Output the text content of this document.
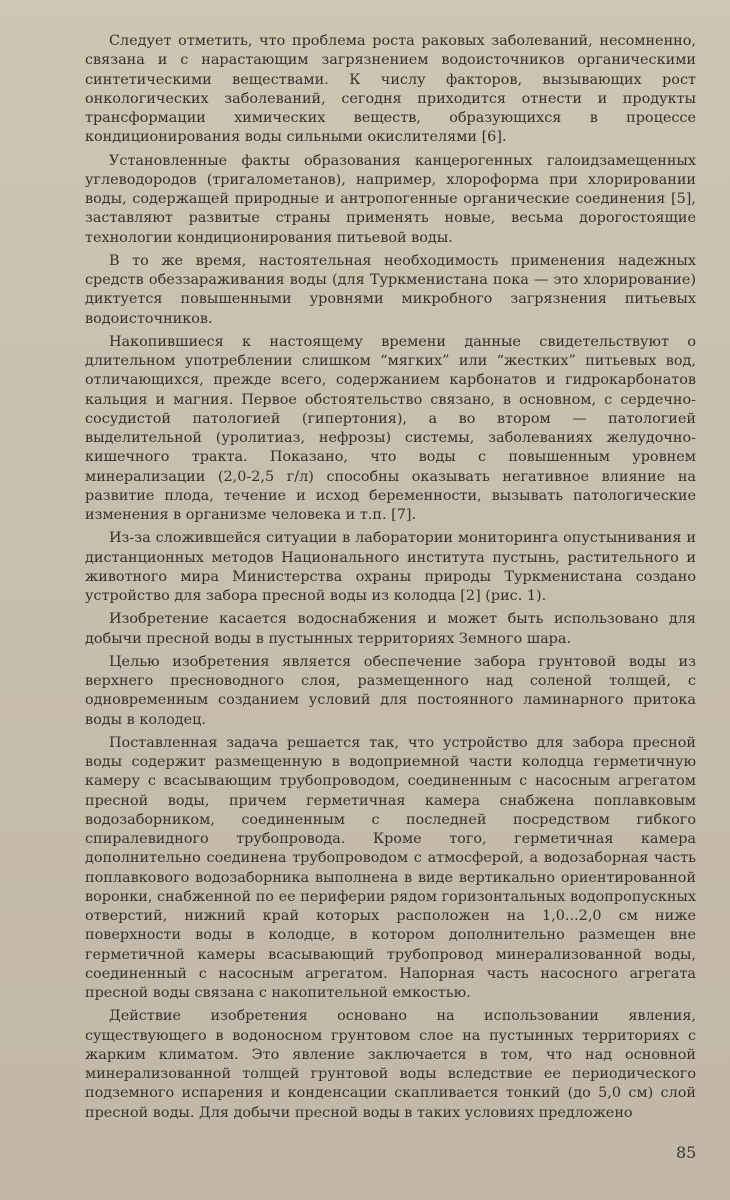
Следует отметить, что проблема роста раковых заболеваний, несомненно, связана и с нарастающим загрязнением водоисточников органическими синтетическими веществами. К числу факторов, вызывающих рост онкологических заболеваний, сегодня приходится отнести и продукты трансформации химических веществ, образующихся в процессе кондиционирования воды сильными окислителями [6].

Установленные факты образования канцерогенных галоидзамещенных углеводородов (тригалометанов), например, хлороформа при хлорировании воды, содержащей природные и антропогенные органические соединения [5], заставляют развитые страны применять новые, весьма дорогостоящие технологии кондиционирования питьевой воды.

В то же время, настоятельная необходимость применения надежных средств обеззараживания воды (для Туркменистана пока — это хлорирование) диктуется повышенными уровнями микробного загрязнения питьевых водоисточников.

Накопившиеся к настоящему времени данные свидетельствуют о длительном употреблении слишком “мягких” или “жестких” питьевых вод, отличающихся, прежде всего, содержанием карбонатов и гидрокарбонатов кальция и магния. Первое обстоятельство связано, в основном, с сердечно-сосудистой патологией (гипертония), а во втором — патологией выделительной (уролитиаз, нефрозы) системы, заболеваниях желудочно-кишечного тракта. Показано, что воды с повышенным уровнем минерализации (2,0-2,5 г/л) способны оказывать негативное влияние на развитие плода, течение и исход беременности, вызывать патологические изменения в организме человека и т.п. [7].

Из-за сложившейся ситуации в лаборатории мониторинга опустынивания и дистанционных методов Национального института пустынь, растительного и животного мира Министерства охраны природы Туркменистана создано устройство для забора пресной воды из колодца [2] (рис. 1).

Изобретение касается водоснабжения и может быть использовано для добычи пресной воды в пустынных территориях Земного шара.

Целью изобретения является обеспечение забора грунтовой воды из верхнего пресноводного слоя, размещенного над соленой толщей, с одновременным созданием условий для постоянного ламинарного притока воды в колодец.

Поставленная задача решается так, что устройство для забора пресной воды содержит размещенную в водоприемной части колодца герметичную камеру с всасывающим трубопроводом, соединенным с насосным агрегатом пресной воды, причем герметичная камера снабжена поплавковым водозаборником, соединенным с последней посредством гибкого спиралевидного трубопровода. Кроме того, герметичная камера дополнительно соединена трубопроводом с атмосферой, а водозаборная часть поплавкового водозаборника выполнена в виде вертикально ориентированной воронки, снабженной по ее периферии рядом горизонтальных водопропускных отверстий, нижний край которых расположен на 1,0...2,0 см ниже поверхности воды в колодце, в котором дополнительно размещен вне герметичной камеры всасывающий трубопровод минерализованной воды, соединенный с насосным агрегатом. Напорная часть насосного агрегата пресной воды связана с накопительной емкостью.

Действие изобретения основано на использовании явления, существующего в водоносном грунтовом слое на пустынных территориях с жарким климатом. Это явление заключается в том, что над основной минерализованной толщей грунтовой воды вследствие ее периодического подземного испарения и конденсации скапливается тонкий (до 5,0 см) слой пресной воды. Для добычи пресной воды в таких условиях предложено

85
